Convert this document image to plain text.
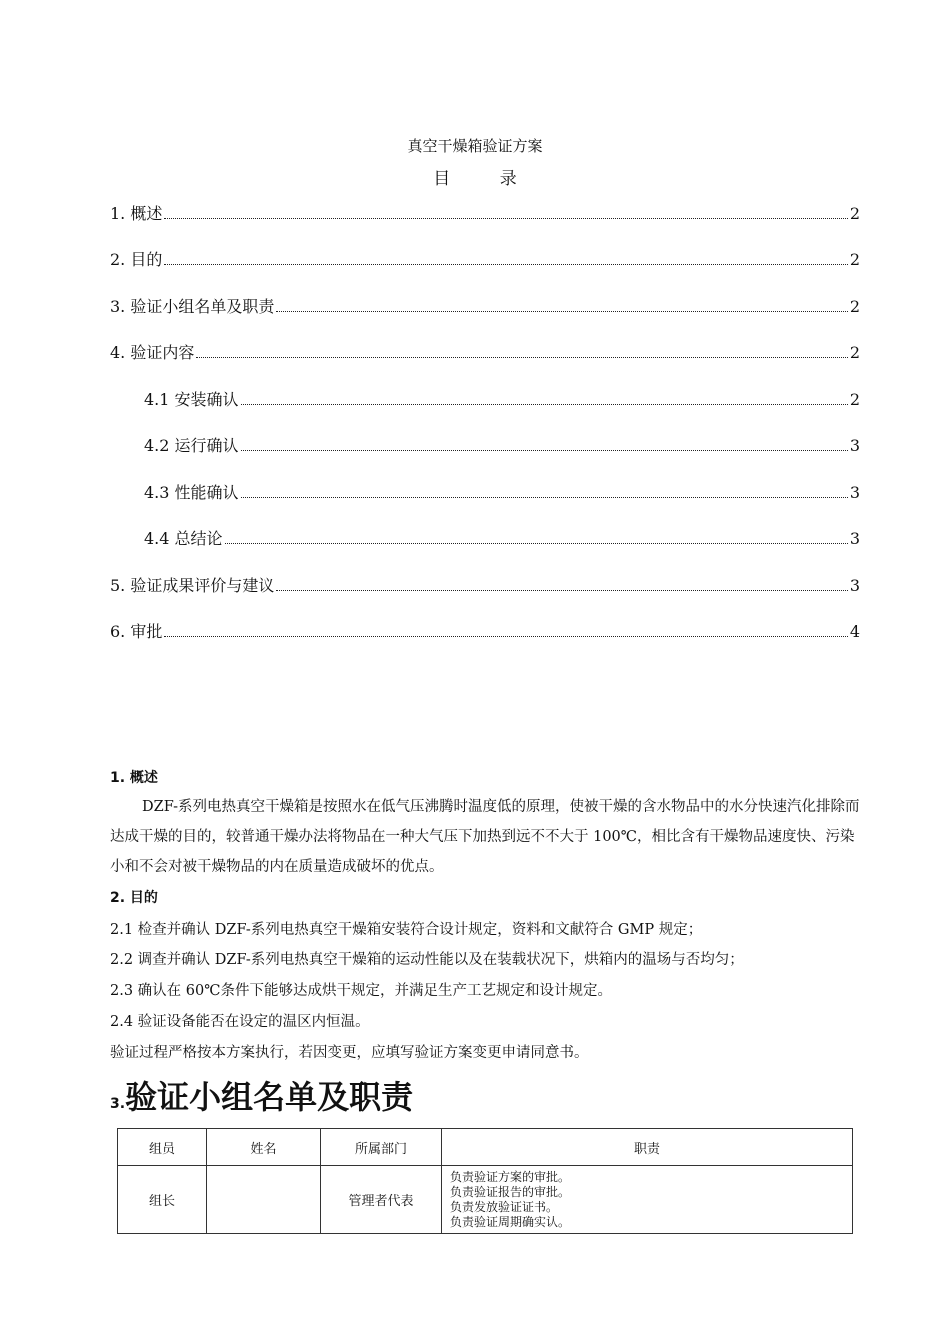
真空干燥箱验证方案
目 录
1. 概述	2
2. 目的	2
3. 验证小组名单及职责	2
4. 验证内容	2
4.1 安装确认	2
4.2 运行确认	3
4.3 性能确认	3
4.4 总结论	3
5. 验证成果评价与建议	3
6. 审批	4
1. 概述
DZF-系列电热真空干燥箱是按照水在低气压沸腾时温度低的原理，使被干燥的含水物品中的水分快速汽化排除而达成干燥的目的，较普通干燥办法将物品在一种大气压下加热到远不不大于 100℃，相比含有干燥物品速度快、污染小和不会对被干燥物品的内在质量造成破坏的优点。
2. 目的
2.1 检查并确认 DZF-系列电热真空干燥箱安装符合设计规定，资料和文献符合 GMP 规定；
2.2 调查并确认 DZF-系列电热真空干燥箱的运动性能以及在装载状况下，烘箱内的温场与否均匀；
2.3 确认在 60℃条件下能够达成烘干规定，并满足生产工艺规定和设计规定。
2.4 验证设备能否在设定的温区内恒温。
验证过程严格按本方案执行，若因变更，应填写验证方案变更申请同意书。
3.验证小组名单及职责
组员	姓名	所属部门	职责
组长		管理者代表	负责验证方案的审批。
负责验证报告的审批。
负责发放验证证书。
负责验证周期确实认。
